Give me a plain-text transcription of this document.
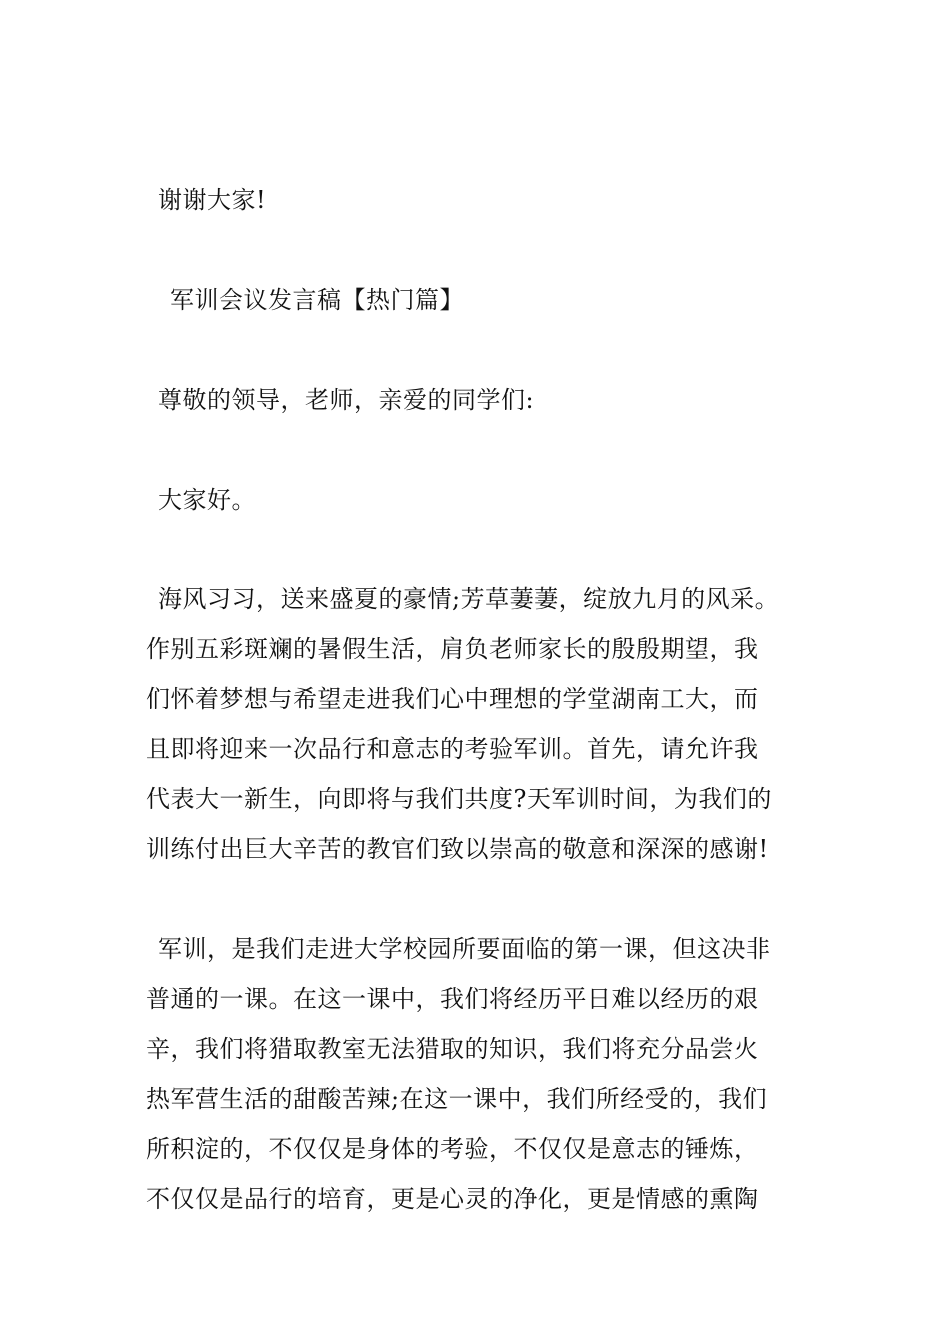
谢谢大家!
军训会议发言稿【热门篇】
尊敬的领导，老师，亲爱的同学们:
大家好。
海风习习，送来盛夏的豪情;芳草萋萋，绽放九月的风采。
作别五彩斑斓的暑假生活，肩负老师家长的殷殷期望，我
们怀着梦想与希望走进我们心中理想的学堂湖南工大，而
且即将迎来一次品行和意志的考验军训。首先，请允许我
代表大一新生，向即将与我们共度?天军训时间，为我们的
训练付出巨大辛苦的教官们致以崇高的敬意和深深的感谢!
军训，是我们走进大学校园所要面临的第一课，但这决非
普通的一课。在这一课中，我们将经历平日难以经历的艰
辛，我们将猎取教室无法猎取的知识，我们将充分品尝火
热军营生活的甜酸苦辣;在这一课中，我们所经受的，我们
所积淀的，不仅仅是身体的考验，不仅仅是意志的锤炼，
不仅仅是品行的培育，更是心灵的净化，更是情感的熏陶
